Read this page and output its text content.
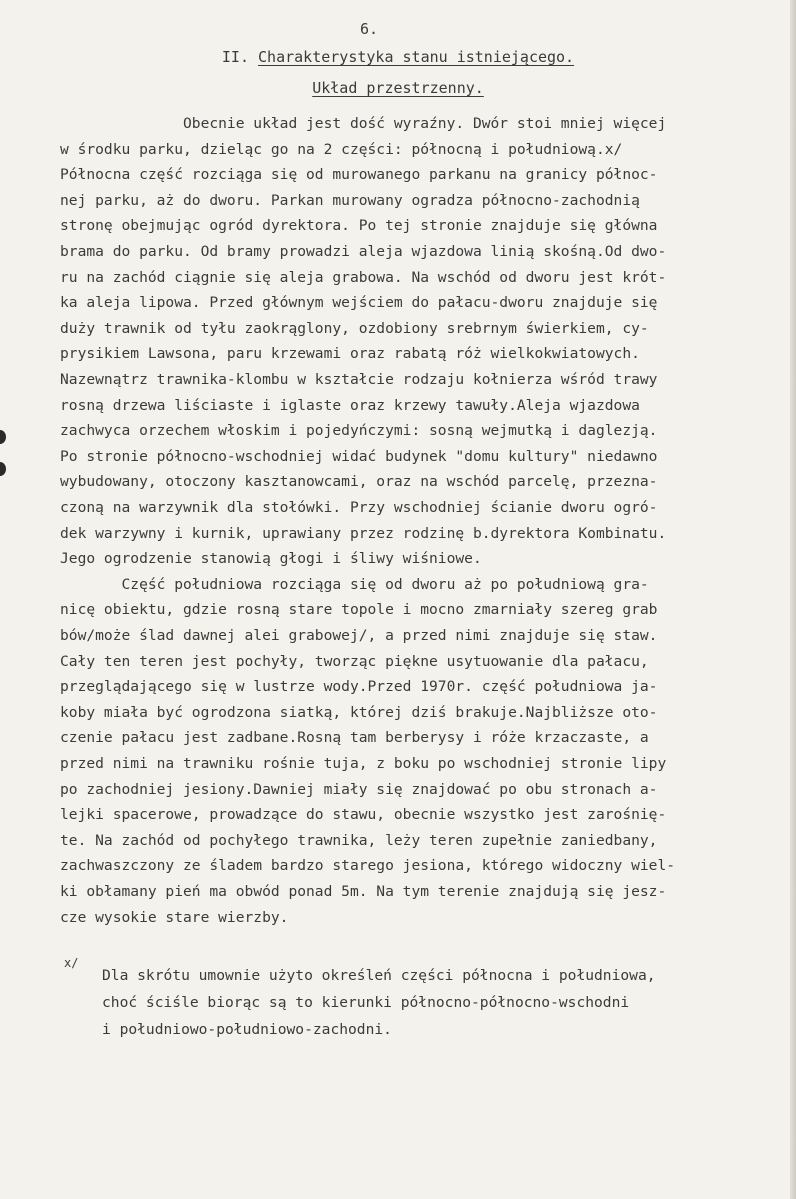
6.
II. Charakterystyka stanu istniejącego.
Układ przestrzenny.
Obecnie układ jest dość wyraźny. Dwór stoi mniej więcej
w środku parku, dzieląc go na 2 części: północną i południową.x/
Północna część rozciąga się od murowanego parkanu na granicy północ-
nej parku, aż do dworu. Parkan murowany ogradza północno-zachodnią
stronę obejmując ogród dyrektora. Po tej stronie znajduje się główna
brama do parku. Od bramy prowadzi aleja wjazdowa linią skośną.Od dwo-
ru na zachód ciągnie się aleja grabowa. Na wschód od dworu jest krót-
ka aleja lipowa. Przed głównym wejściem do pałacu-dworu znajduje się
duży trawnik od tyłu zaokrąglony, ozdobiony srebrnym świerkiem, cy-
prysikiem Lawsona, paru krzewami oraz rabatą róż wielkokwiatowych.
Nazewnątrz trawnika-klombu w kształcie rodzaju kołnierza wśród trawy
rosną drzewa liściaste i iglaste oraz krzewy tawuły.Aleja wjazdowa
zachwyca orzechem włoskim i pojedyńczymi: sosną wejmutką i daglezją.
Po stronie północno-wschodniej widać budynek "domu kultury" niedawno
wybudowany, otoczony kasztanowcami, oraz na wschód parcelę, przezna-
czoną na warzywnik dla stołówki. Przy wschodniej ścianie dworu ogró-
dek warzywny i kurnik, uprawiany przez rodzinę b.dyrektora Kombinatu.
Jego ogrodzenie stanowią głogi i śliwy wiśniowe.
Część południowa rozciąga się od dworu aż po południową gra-
nicę obiektu, gdzie rosną stare topole i mocno zmarniały szereg grab
bów/może ślad dawnej alei grabowej/, a przed nimi znajduje się staw.
Cały ten teren jest pochyły, tworząc piękne usytuowanie dla pałacu,
przeglądającego się w lustrze wody.Przed 1970r. część południowa ja-
koby miała być ogrodzona siatką, której dziś brakuje.Najbliższe oto-
czenie pałacu jest zadbane.Rosną tam berberysy i róże krzaczaste, a
przed nimi na trawniku rośnie tuja, z boku po wschodniej stronie lipy
po zachodniej jesiony.Dawniej miały się znajdować po obu stronach a-
lejki spacerowe, prowadzące do stawu, obecnie wszystko jest zarośnię-
te. Na zachód od pochyłego trawnika, leży teren zupełnie zaniedbany,
zachwaszczony ze śladem bardzo starego jesiona, którego widoczny wiel-
ki obłamany pień ma obwód ponad 5m. Na tym terenie znajdują się jesz-
cze wysokie stare wierzby.
x/
Dla skrótu umownie użyto określeń części północna i południowa,
choć ściśle biorąc są to kierunki północno-północno-wschodni
i południowo-południowo-zachodni.
